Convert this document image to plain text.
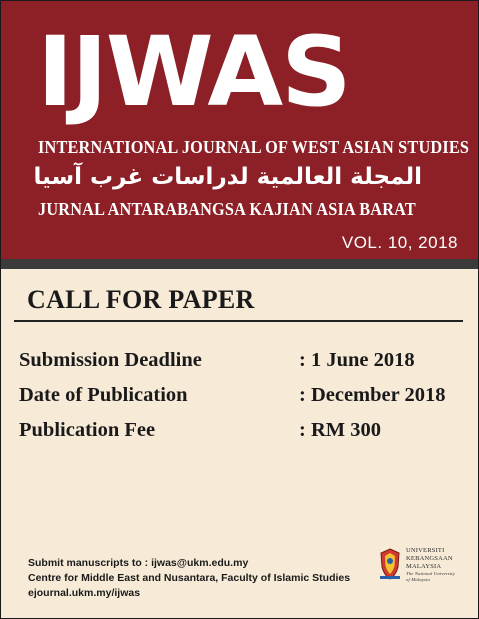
IJWAS
INTERNATIONAL JOURNAL OF WEST ASIAN STUDIES
المجلة العالمية لدراسات غرب آسيا
JURNAL ANTARABANGSA KAJIAN ASIA BARAT
VOL. 10, 2018
CALL FOR PAPER
Submission Deadline	: 1 June 2018
Date of Publication	: December 2018
Publication Fee	: RM 300
Submit manuscripts to : ijwas@ukm.edu.my
Centre for Middle East and Nusantara, Faculty of Islamic Studies
ejournal.ukm.my/ijwas
UNIVERSITI
KEBANGSAAN
MALAYSIA
The National University
of Malaysia
